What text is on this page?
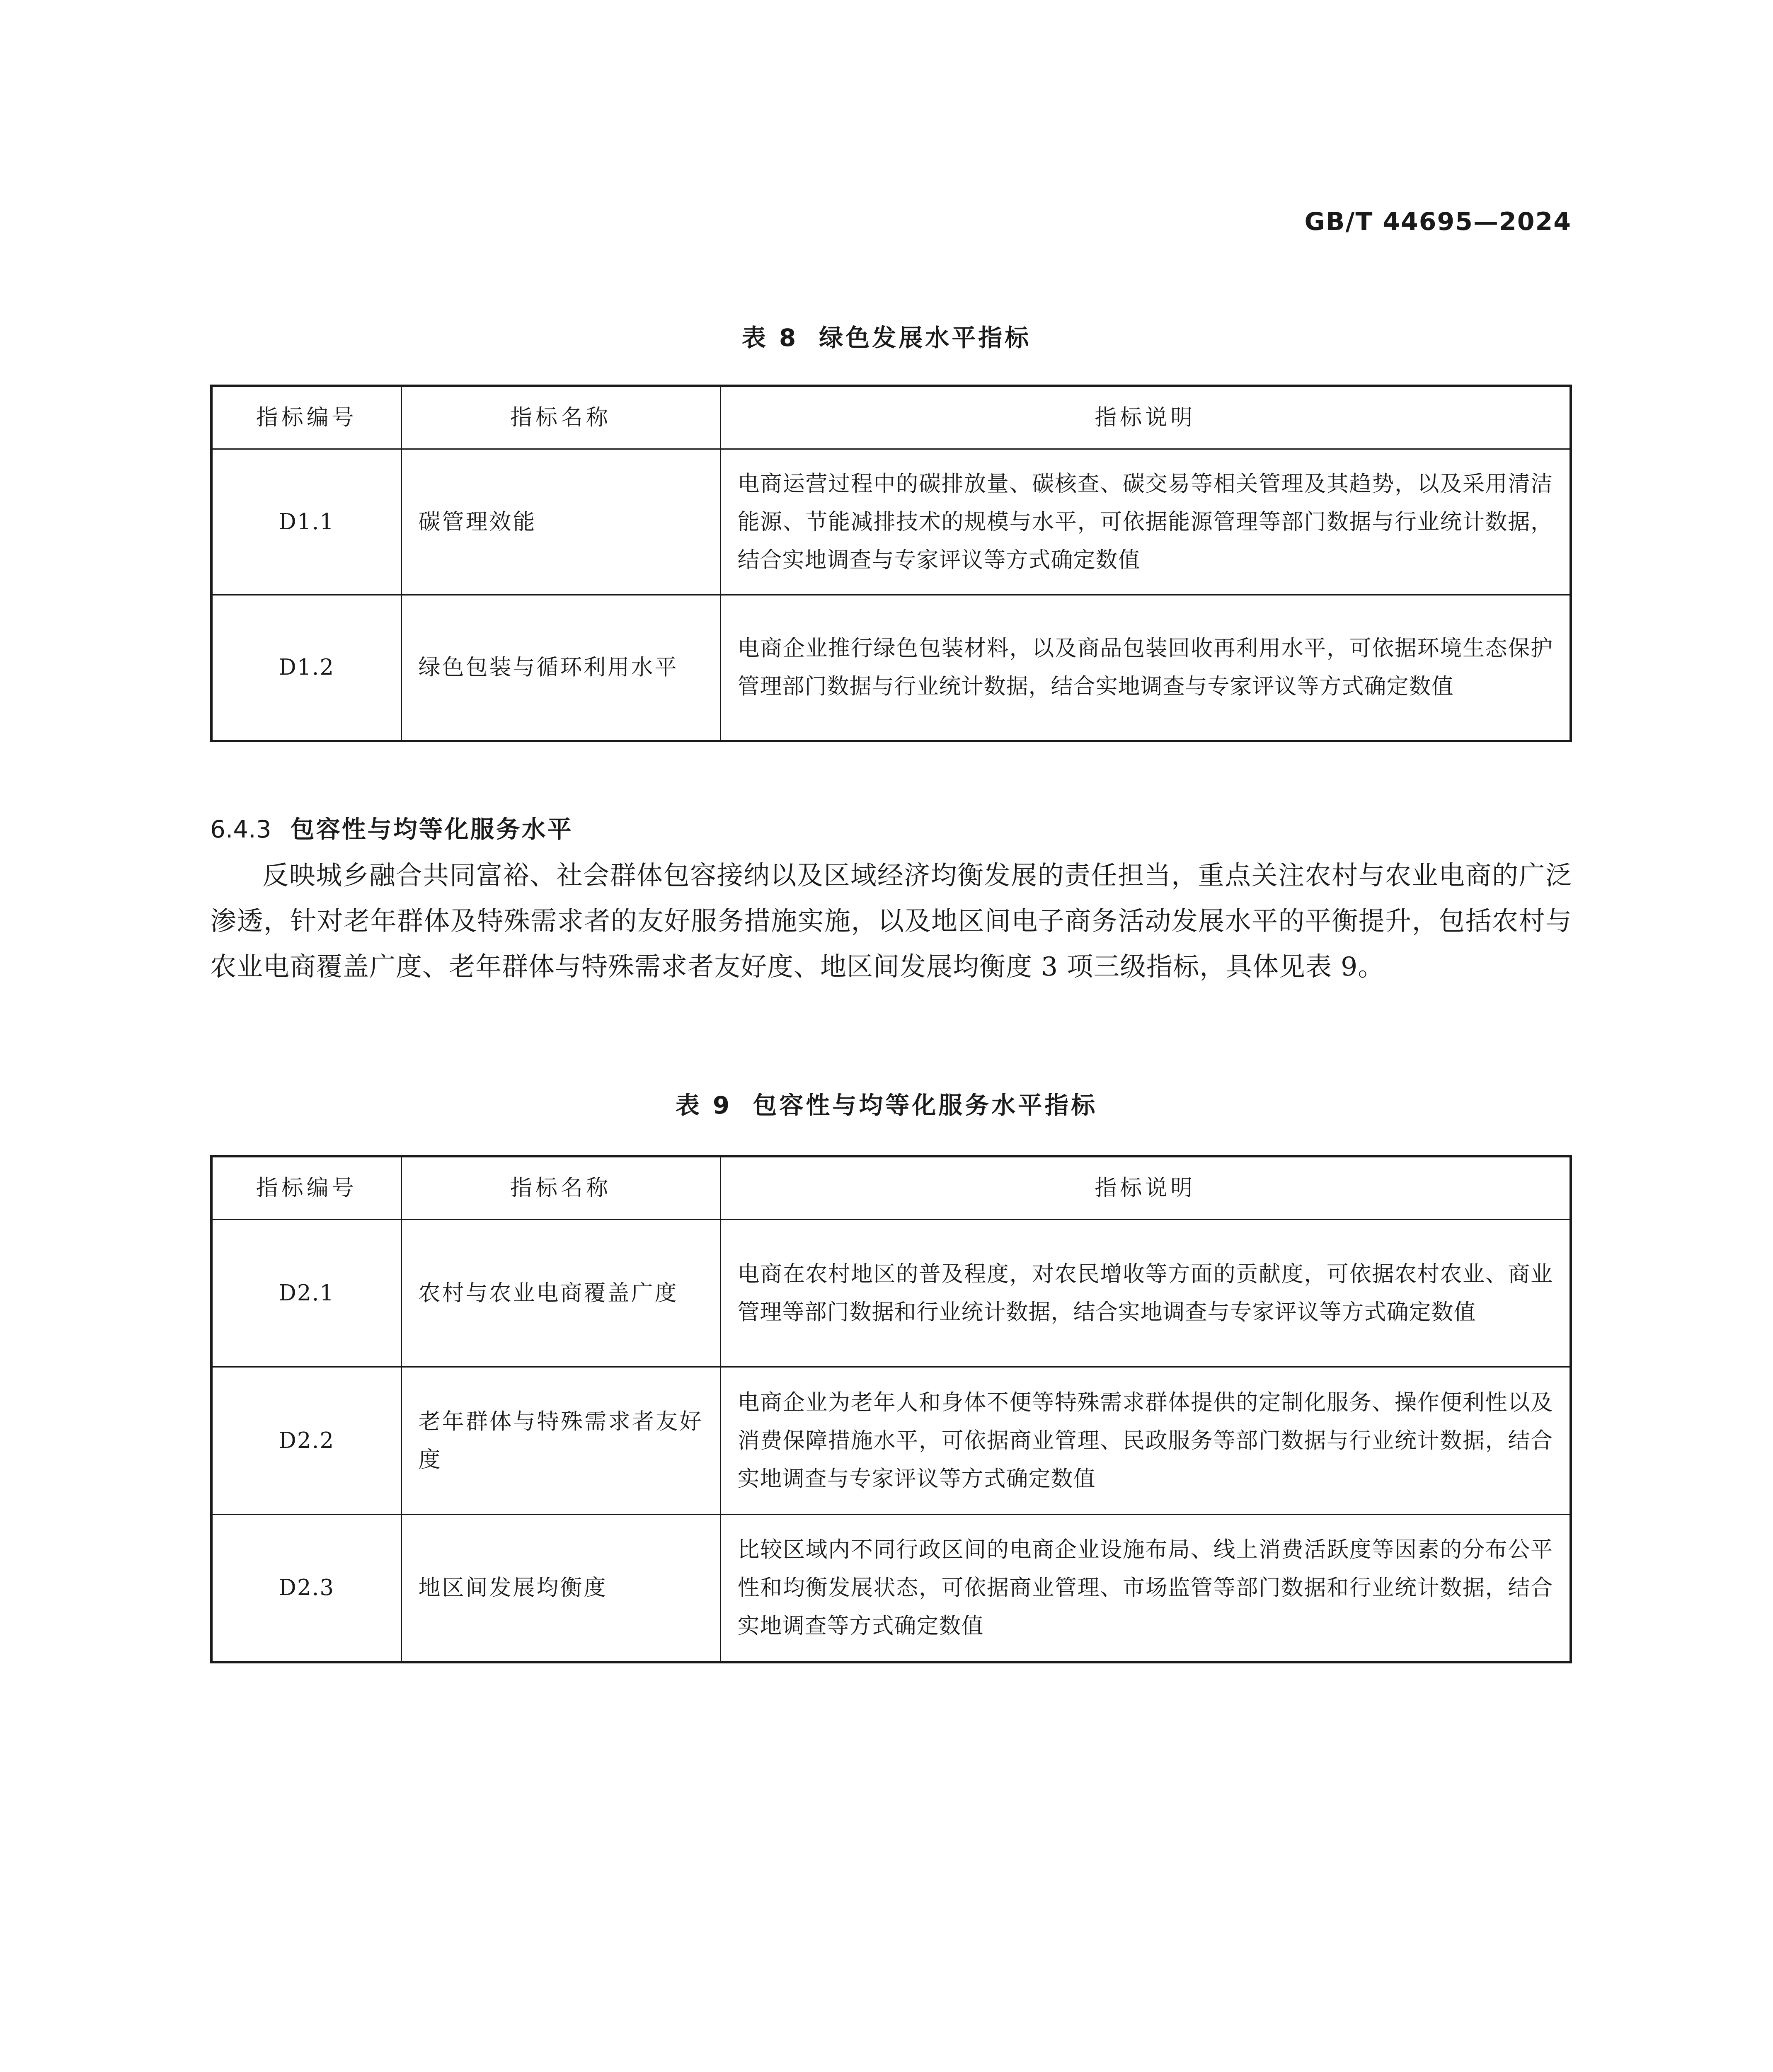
GB/T 44695—2024

表 8 绿色发展水平指标

指标编号	指标名称	指标说明
D1.1	碳管理效能	电商运营过程中的碳排放量、碳核查、碳交易等相关管理及其趋势，以及采用清洁能源、节能减排技术的规模与水平，可依据能源管理等部门数据与行业统计数据，结合实地调查与专家评议等方式确定数值
D1.2	绿色包装与循环利用水平	电商企业推行绿色包装材料，以及商品包装回收再利用水平，可依据环境生态保护管理部门数据与行业统计数据，结合实地调查与专家评议等方式确定数值
6.4.3 包容性与均等化服务水平

反映城乡融合共同富裕、社会群体包容接纳以及区域经济均衡发展的责任担当，重点关注农村与农业电商的广泛渗透，针对老年群体及特殊需求者的友好服务措施实施，以及地区间电子商务活动发展水平的平衡提升，包括农村与农业电商覆盖广度、老年群体与特殊需求者友好度、地区间发展均衡度 3 项三级指标，具体见表 9。

表 9 包容性与均等化服务水平指标

指标编号	指标名称	指标说明
D2.1	农村与农业电商覆盖广度	电商在农村地区的普及程度，对农民增收等方面的贡献度，可依据农村农业、商业管理等部门数据和行业统计数据，结合实地调查与专家评议等方式确定数值
D2.2	老年群体与特殊需求者友好度	电商企业为老年人和身体不便等特殊需求群体提供的定制化服务、操作便利性以及消费保障措施水平，可依据商业管理、民政服务等部门数据与行业统计数据，结合实地调查与专家评议等方式确定数值
D2.3	地区间发展均衡度	比较区域内不同行政区间的电商企业设施布局、线上消费活跃度等因素的分布公平性和均衡发展状态，可依据商业管理、市场监管等部门数据和行业统计数据，结合实地调查等方式确定数值
